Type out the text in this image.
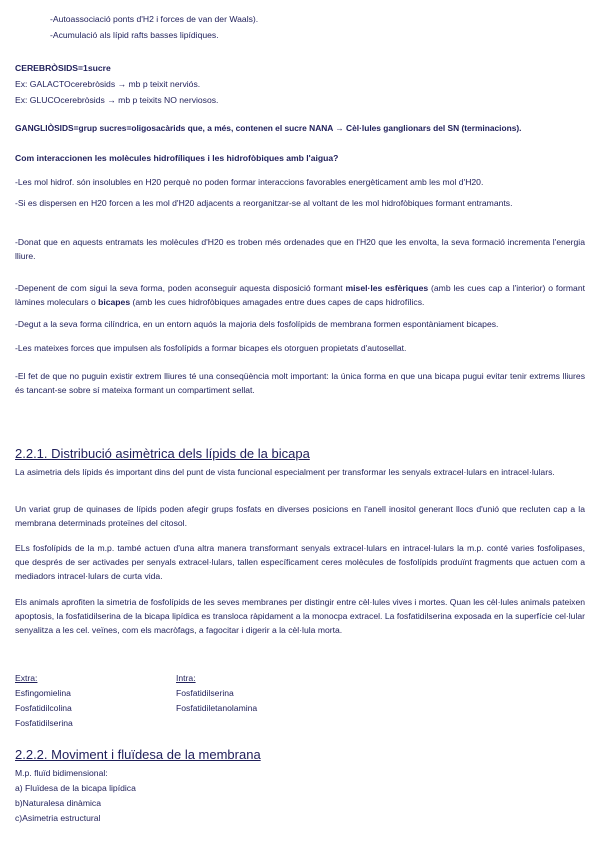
-Autoassociació ponts d'H2 i forces de van der Waals).
-Acumulació als lípid rafts basses lipídiques.
CEREBRÒSIDS=1sucre
Ex: GALACTOcerebròsids → mb p teixit nerviós.
Ex: GLUCOcerebròsids → mb p teixits NO nerviosos.
GANGLIÒSIDS=grup sucres=oligosacàrids que, a més, contenen el sucre NANA → Cèl·lules ganglionars del SN (terminacions).
Com interaccionen les molècules hidrofíliques i les hidrofòbiques amb l'aigua?
-Les mol hidrof. són insolubles en H20 perquè no poden formar interaccions favorables energèticament amb les mol d'H20.
-Si es dispersen en H20 forcen a les mol d'H20 adjacents a reorganitzar-se al voltant de les mol hidrofòbiques formant entramants.
-Donat que en aquests entramats les molècules d'H20 es troben més ordenades que en l'H20 que les envolta, la seva formació incrementa l'energia lliure.
-Depenent de com sigui la seva forma, poden aconseguir aquesta disposició formant misel·les esfèriques (amb les cues cap a l'interior) o formant làmines moleculars o bicapes (amb les cues hidrofòbiques amagades entre dues capes de caps hidrofílics.
-Degut a la seva forma cilíndrica, en un entorn aquós la majoria dels fosfolípids de membrana formen espontàniament bicapes.
-Les mateixes forces que impulsen als fosfolípids a formar bicapes els otorguen propietats d'autosellat.
-El fet de que no puguin existir extrem lliures té una conseqüència molt important: la única forma en que una bicapa pugui evitar tenir extrems lliures és tancant-se sobre sí mateixa formant un compartiment sellat.
2.2.1. Distribució asimètrica dels lípids de la bicapa
La asimetria dels lípids és important dins del punt de vista funcional especialment per transformar les senyals extracel·lulars en intracel·lulars.
Un variat grup de quinases de lípids poden afegir grups fosfats en diverses posicions en l'anell inositol generant llocs d'unió que recluten cap a la membrana determinads proteïnes del citosol.
ELs fosfolípids de la m.p. també actuen d'una altra manera transformant senyals extracel·lulars en intracel·lulars la m.p. conté varies fosfolipases, que després de ser activades per senyals extracel·lulars, tallen específicament ceres molècules de fosfolípids produïnt fragments que actuen com a mediadors intracel·lulars de curta vida.
Els animals aprofiten la simetria de fosfolípids de les seves membranes per distingir entre cèl·lules vives i mortes. Quan les cèl·lules animals pateixen apoptosis, la fosfatidilserina de la bicapa lipídica es transloca ràpidament a la monocpa extracel. La fosfatidilserina exposada en la superfície cel·lular senyalitza a les cel. veïnes, com els macròfags, a fagocitar i digerir a la cèl·lula morta.
Extra:
Esfingomielina
Fosfatidilcolina
Fosfatidilserina
Intra:
Fosfatidilserina
Fosfatidiletanolamina
2.2.2. Moviment i fluïdesa de la membrana
M.p. fluïd bidimensional:
a) Fluïdesa de la bicapa lipídica
b)Naturalesa dinàmica
c)Asimetria estructural
